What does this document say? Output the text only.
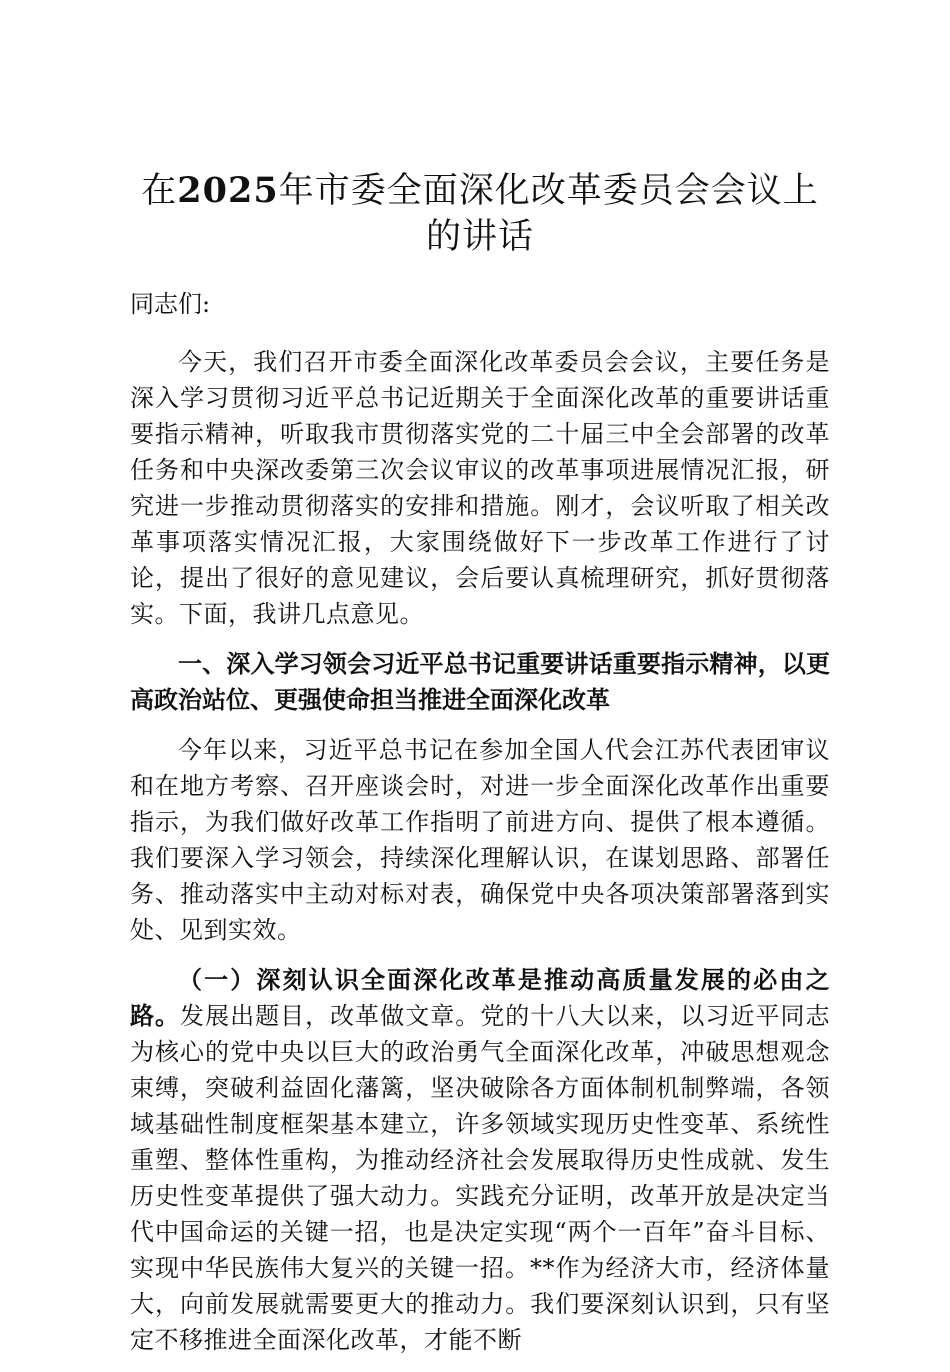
在2025年市委全面深化改革委员会会议上的讲话

同志们:

今天，我们召开市委全面深化改革委员会会议，主要任务是深入学习贯彻习近平总书记近期关于全面深化改革的重要讲话重要指示精神，听取我市贯彻落实党的二十届三中全会部署的改革任务和中央深改委第三次会议审议的改革事项进展情况汇报，研究进一步推动贯彻落实的安排和措施。刚才，会议听取了相关改革事项落实情况汇报，大家围绕做好下一步改革工作进行了讨论，提出了很好的意见建议，会后要认真梳理研究，抓好贯彻落实。下面，我讲几点意见。

一、深入学习领会习近平总书记重要讲话重要指示精神，以更高政治站位、更强使命担当推进全面深化改革

今年以来，习近平总书记在参加全国人代会江苏代表团审议和在地方考察、召开座谈会时，对进一步全面深化改革作出重要指示，为我们做好改革工作指明了前进方向、提供了根本遵循。我们要深入学习领会，持续深化理解认识，在谋划思路、部署任务、推动落实中主动对标对表，确保党中央各项决策部署落到实处、见到实效。

（一）深刻认识全面深化改革是推动高质量发展的必由之路。发展出题目，改革做文章。党的十八大以来，以习近平同志为核心的党中央以巨大的政治勇气全面深化改革，冲破思想观念束缚，突破利益固化藩篱，坚决破除各方面体制机制弊端，各领域基础性制度框架基本建立，许多领域实现历史性变革、系统性重塑、整体性重构，为推动经济社会发展取得历史性成就、发生历史性变革提供了强大动力。实践充分证明，改革开放是决定当代中国命运的关键一招，也是决定实现“两个一百年”奋斗目标、实现中华民族伟大复兴的关键一招。**作为经济大市，经济体量大，向前发展就需要更大的推动力。我们要深刻认识到，只有坚定不移推进全面深化改革，才能不断
